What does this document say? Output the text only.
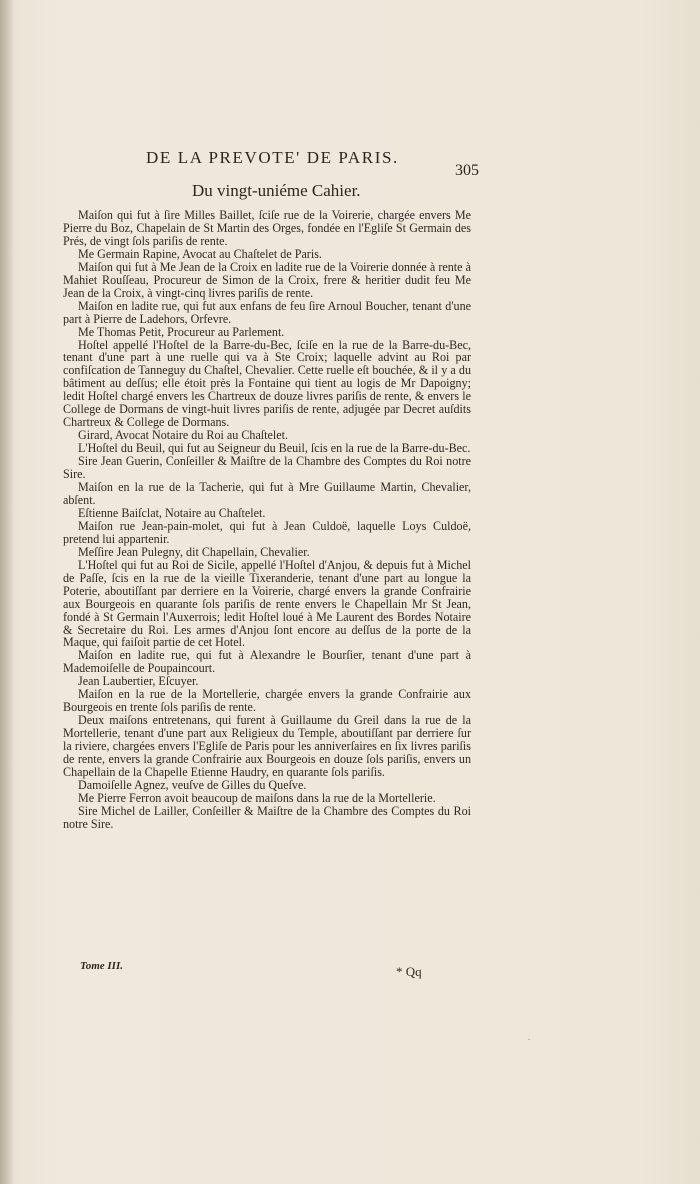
DE LA PREVOTE' DE PARIS.
305
Du vingt-uniéme Cahier.

Maiſon qui fut à ſire Milles Baillet, ſciſe rue de la Voirerie, chargée envers Me Pierre du Boz, Chapelain de St Martin des Orges, fondée en l'Egliſe St Germain des Prés, de vingt ſols pariſis de rente.

Me Germain Rapine, Avocat au Chaſtelet de Paris.

Maiſon qui fut à Me Jean de la Croix en ladite rue de la Voirerie donnée à rente à Mahiet Rouſſeau, Procureur de Simon de la Croix, frere & heritier dudit feu Me Jean de la Croix, à vingt-cinq livres pariſis de rente.

Maiſon en ladite rue, qui fut aux enfans de feu ſire Arnoul Boucher, tenant d'une part à Pierre de Ladehors, Orfevre.

Me Thomas Petit, Procureur au Parlement.

Hoſtel appellé l'Hoſtel de la Barre-du-Bec, ſciſe en la rue de la Barre-du-Bec, tenant d'une part à une ruelle qui va à Ste Croix; laquelle advint au Roi par confiſcation de Tanneguy du Chaſtel, Chevalier. Cette ruelle eſt bouchée, & il y a du bâtiment au deſſus; elle étoit près la Fontaine qui tient au logis de Mr Dapoigny; ledit Hoſtel chargé envers les Chartreux de douze livres pariſis de rente, & envers le College de Dormans de vingt-huit livres pariſis de rente, adjugée par Decret auſdits Chartreux & College de Dormans.

Girard, Avocat Notaire du Roi au Chaſtelet.

L'Hoſtel du Beuil, qui fut au Seigneur du Beuil, ſcis en la rue de la Barre-du-Bec.

Sire Jean Guerin, Conſeiller & Maiſtre de la Chambre des Comptes du Roi notre Sire.

Maiſon en la rue de la Tacherie, qui fut à Mre Guillaume Martin, Chevalier, abſent.

Eſtienne Baiſclat, Notaire au Chaſtelet.

Maiſon rue Jean-pain-molet, qui fut à Jean Culdoë, laquelle Loys Culdoë, pretend lui appartenir.

Meſſire Jean Pulegny, dit Chapellain, Chevalier.

L'Hoſtel qui fut au Roi de Sicile, appellé l'Hoſtel d'Anjou, & depuis fut à Michel de Paſſe, ſcis en la rue de la vieille Tixeranderie, tenant d'une part au longue la Poterie, aboutiſſant par derriere en la Voirerie, chargé envers la grande Confrairie aux Bourgeois en quarante ſols pariſis de rente envers le Chapellain Mr St Jean, fondé à St Germain l'Auxerrois; ledit Hoſtel loué à Me Laurent des Bordes Notaire & Secretaire du Roi. Les armes d'Anjou ſont encore au deſſus de la porte de la Maque, qui faiſoit partie de cet Hotel.

Maiſon en ladite rue, qui fut à Alexandre le Bourſier, tenant d'une part à Mademoiſelle de Poupaincourt.

Jean Laubertier, Eſcuyer.

Maiſon en la rue de la Mortellerie, chargée envers la grande Confrairie aux Bourgeois en trente ſols pariſis de rente.

Deux maiſons entretenans, qui furent à Guillaume du Greil dans la rue de la Mortellerie, tenant d'une part aux Religieux du Temple, aboutiſſant par derriere ſur la riviere, chargées envers l'Egliſe de Paris pour les anniverſaires en ſix livres pariſis de rente, envers la grande Confrairie aux Bourgeois en douze ſols pariſis, envers un Chapellain de la Chapelle Etienne Haudry, en quarante ſols pariſis.

Damoiſelle Agnez, veuſve de Gilles du Queſve.

Me Pierre Ferron avoit beaucoup de maiſons dans la rue de la Mortellerie.

Sire Michel de Lailler, Conſeiller & Maiſtre de la Chambre des Comptes du Roi notre Sire.

Tome III.	* Qq
.
